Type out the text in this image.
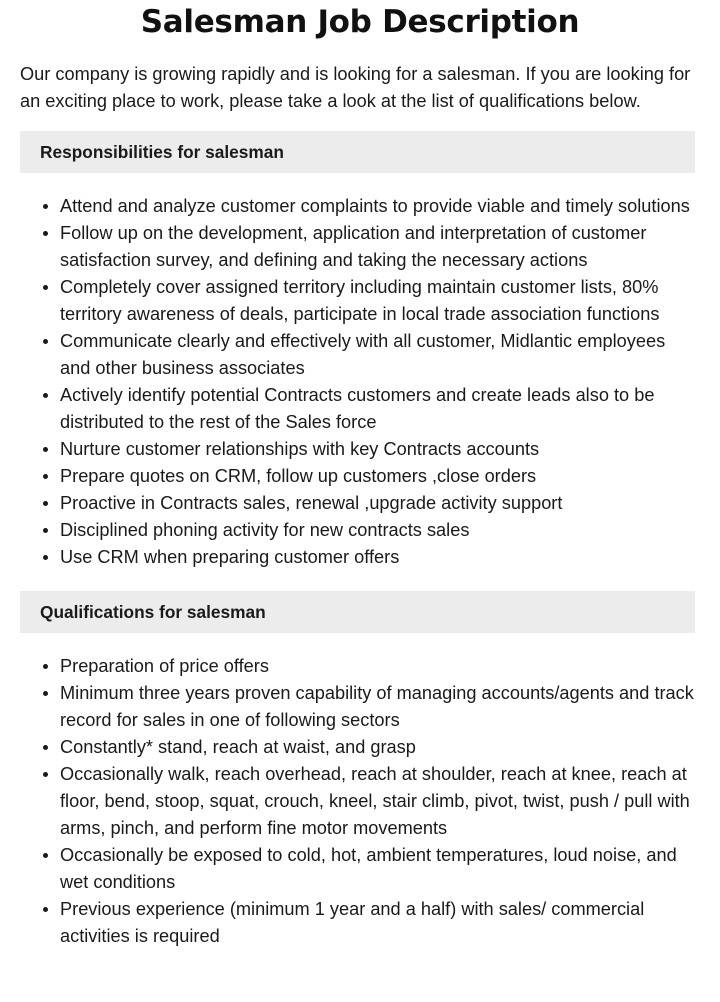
Salesman Job Description

Our company is growing rapidly and is looking for a salesman. If you are looking for an exciting place to work, please take a look at the list of qualifications below.

Responsibilities for salesman
Attend and analyze customer complaints to provide viable and timely solutions
Follow up on the development, application and interpretation of customer satisfaction survey, and defining and taking the necessary actions
Completely cover assigned territory including maintain customer lists, 80% territory awareness of deals, participate in local trade association functions
Communicate clearly and effectively with all customer, Midlantic employees and other business associates
Actively identify potential Contracts customers and create leads also to be distributed to the rest of the Sales force
Nurture customer relationships with key Contracts accounts
Prepare quotes on CRM, follow up customers ,close orders
Proactive in Contracts sales, renewal ,upgrade activity support
Disciplined phoning activity for new contracts sales
Use CRM when preparing customer offers
Qualifications for salesman
Preparation of price offers
Minimum three years proven capability of managing accounts/agents and track record for sales in one of following sectors
Constantly* stand, reach at waist, and grasp
Occasionally walk, reach overhead, reach at shoulder, reach at knee, reach at floor, bend, stoop, squat, crouch, kneel, stair climb, pivot, twist, push / pull with arms, pinch, and perform fine motor movements
Occasionally be exposed to cold, hot, ambient temperatures, loud noise, and wet conditions
Previous experience (minimum 1 year and a half) with sales/ commercial activities is required
